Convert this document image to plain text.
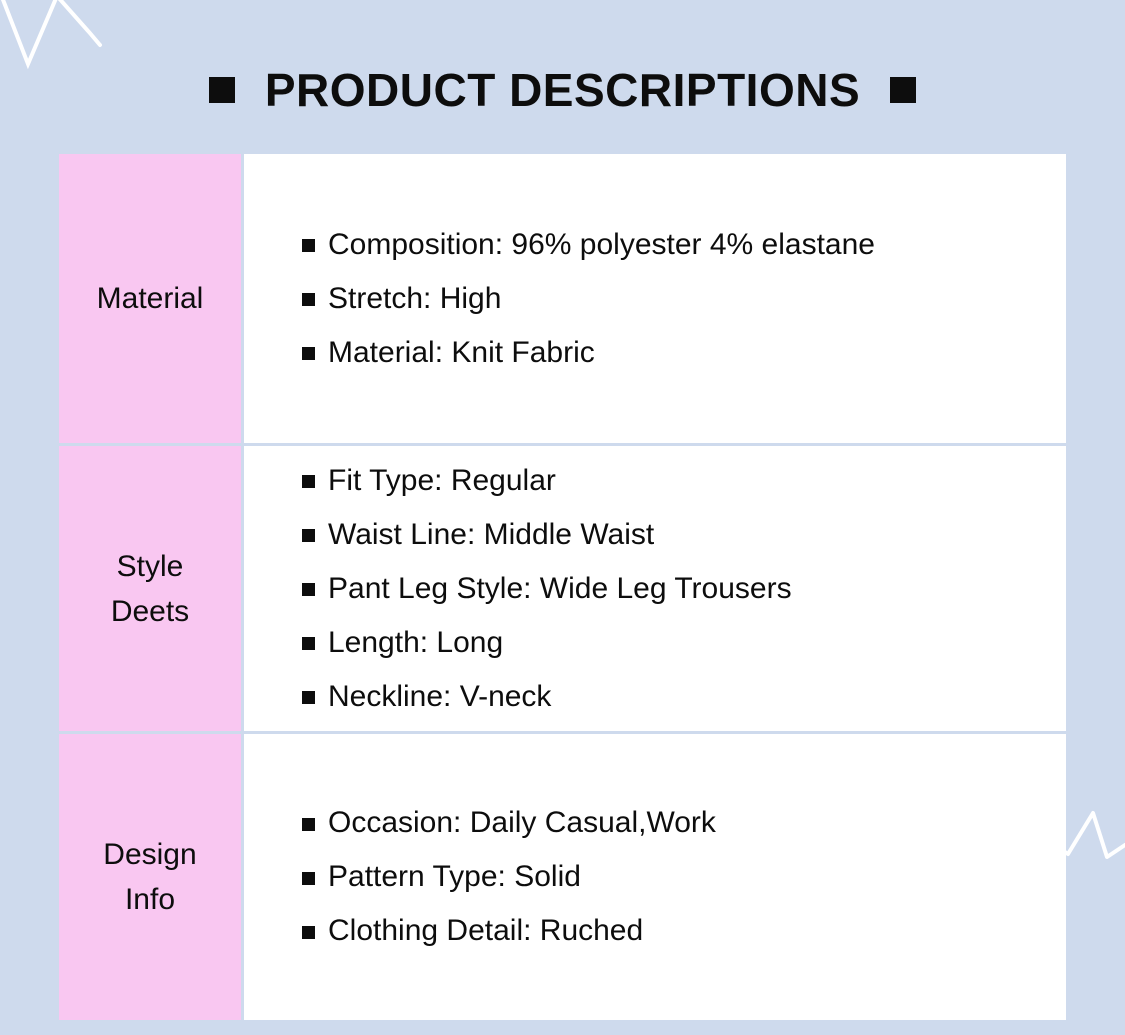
PRODUCT DESCRIPTIONS
Material
Composition: 96% polyester 4% elastane
Stretch: High
Material: Knit Fabric
Style
Deets
Fit Type: Regular
Waist Line: Middle Waist
Pant Leg Style: Wide Leg Trousers
Length: Long
Neckline: V-neck
Design
Info
Occasion: Daily Casual,Work
Pattern Type: Solid
Clothing Detail: Ruched
